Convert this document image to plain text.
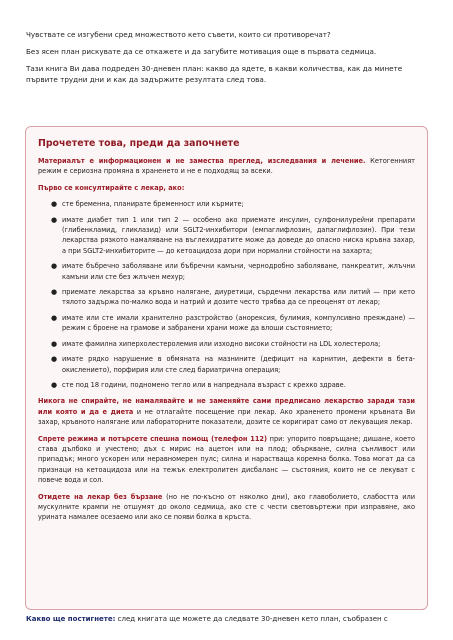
Чувствате се изгубени сред множеството кето съвети, които си противоречат?

Без ясен план рискувате да се откажете и да загубите мотивация още в първата седмица.

Тази книга Ви дава подреден 30-дневен план: какво да ядете, в какви количества, как да минете първите трудни дни и как да задържите резултата след това.

Прочетете това, преди да започнете

Материалът е информационен и не замества преглед, изследвания и лечение. Кетогенният режим е сериозна промяна в храненето и не е подходящ за всеки.

Първо се консултирайте с лекар, ако:

● сте бременна, планирате бременност или кърмите;
● имате диабет тип 1 или тип 2 — особено ако приемате инсулин, сулфонилурейни препарати (глибенкламид, гликлазид) или SGLT2-инхибитори (емпаглифлозин, дапаглифлозин). При тези лекарства рязкото намаляване на въглехидратите може да доведе до опасно ниска кръвна захар, а при SGLT2-инхибиторите — до кетоацидоза дори при нормални стойности на захарта;
● имате бъбречно заболяване или бъбречни камъни, чернодробно заболяване, панкреатит, жлъчни камъни или сте без жлъчен мехур;
● приемате лекарства за кръвно налягане, диуретици, сърдечни лекарства или литий — при кето тялото задържа по-малко вода и натрий и дозите често трябва да се преоценят от лекар;
● имате или сте имали хранително разстройство (анорексия, булимия, компулсивно преяждане) — режим с броене на грамове и забранени храни може да влоши състоянието;
● имате фамилна хиперхолестеролемия или изходно високи стойности на LDL холестерола;
● имате рядко нарушение в обмяната на мазнините (дефицит на карнитин, дефекти в бета-окислението), порфирия или сте след бариатрична операция;
● сте под 18 години, подномено тегло или в напреднала възраст с крехко здраве.

Никога не спирайте, не намалявайте и не заменяйте сами предписано лекарство заради тази или която и да е диета и не отлагайте посещение при лекар. Ако храненето промени кръвната Ви захар, кръвното налягане или лабораторните показатели, дозите се коригират само от лекуващия лекар.

Спрете режима и потърсете спешна помощ (телефон 112) при: упорито повръщане; дишане, което става дълбоко и учестено; дъх с мирис на ацетон или на плод; объркване, силна сънливост или припадък; много ускорен или неравномерен пулс; силна и нарастваща коремна болка. Това могат да са признаци на кетоацидоза или на тежък електролитен дисбаланс — състояния, които не се лекуват с повече вода и сол.

Отидете на лекар без бързане (но не по-късно от няколко дни), ако главоболието, слабостта или мускулните крампи не отшумят до около седмица, ако сте с чести световъртежи при изправяне, ако урината намалее осезаемо или ако се появи болка в кръста.

Какво ще постигнете: след книгата ще можете да следвате 30-дневен кето план, съобразен с
